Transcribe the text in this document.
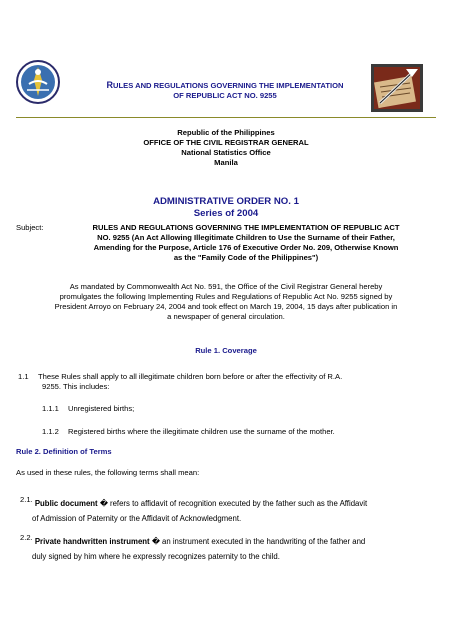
RULES AND REGULATIONS GOVERNING THE IMPLEMENTATION
OF REPUBLIC ACT NO. 9255
Republic of the Philippines
OFFICE OF THE CIVIL REGISTRAR GENERAL
National Statistics Office
Manila
ADMINISTRATIVE ORDER NO. 1
Series of 2004
Subject:	RULES AND REGULATIONS GOVERNING THE IMPLEMENTATION OF REPUBLIC ACT
NO. 9255 (An Act Allowing Illegitimate Children to Use the Surname of their Father,
Amending for the Purpose, Article 176 of Executive Order No. 209, Otherwise Known
as the "Family Code of the Philippines")
As mandated by Commonwealth Act No. 591, the Office of the Civil Registrar General hereby
promulgates the following Implementing Rules and Regulations of Republic Act No. 9255 signed by
President Arroyo on February 24, 2004 and took effect on March 19, 2004, 15 days after publication in
a newspaper of general circulation.
Rule 1. Coverage
1.1 These Rules shall apply to all illegitimate children born before or after the effectivity of R.A.
9255. This includes:
1.1.1 Unregistered births;
1.1.2 Registered births where the illegitimate children use the surname of the mother.
Rule 2. Definition of Terms
As used in these rules, the following terms shall mean:
2.1. Public document � refers to affidavit of recognition executed by the father such as the Affidavit
of Admission of Paternity or the Affidavit of Acknowledgment.
2.2. Private handwritten instrument � an instrument executed in the handwriting of the father and
duly signed by him where he expressly recognizes paternity to the child.
